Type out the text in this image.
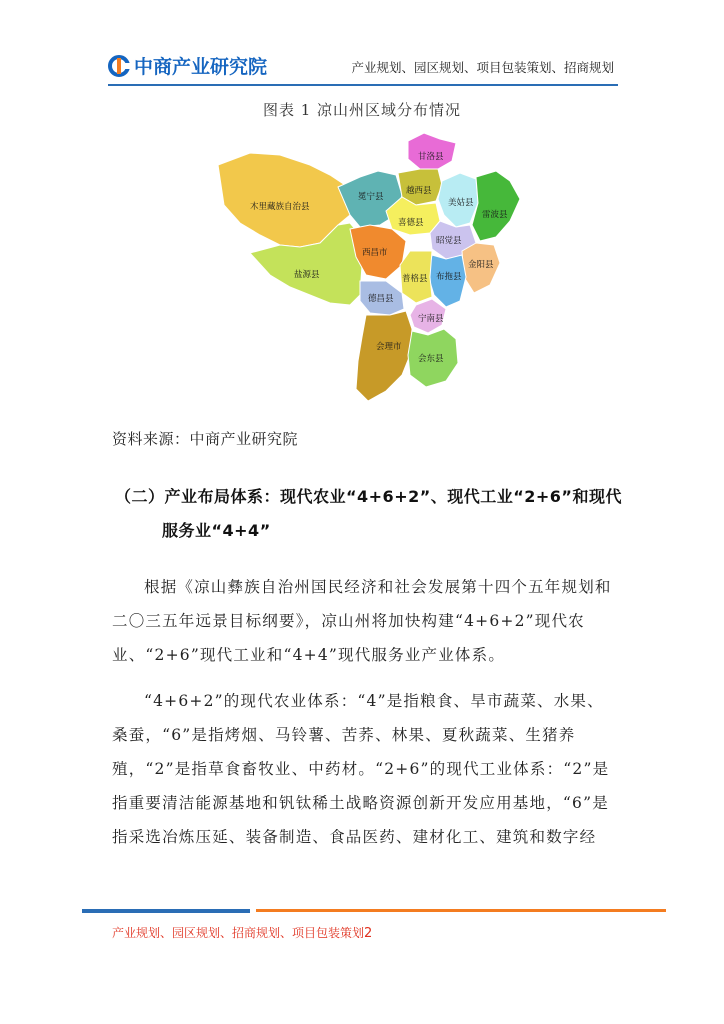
中商产业研究院	产业规划、园区规划、项目包装策划、招商规划
图表 1 凉山州区域分布情况
木里藏族自治县
盐源县
冕宁县
甘洛县
越西县
美姑县
雷波县
喜德县
昭觉县
西昌市
金阳县
布拖县
普格县
德昌县
宁南县
会理市
会东县
资料来源：中商产业研究院
（二）产业布局体系：现代农业“4+6+2”、现代工业“2+6”和现代
服务业“4+4”

根据《凉山彝族自治州国民经济和社会发展第十四个五年规划和二〇三五年远景目标纲要》，凉山州将加快构建“4+6+2”现代农业、“2+6”现代工业和“4+4”现代服务业产业体系。

“4+6+2”的现代农业体系：“4”是指粮食、旱市蔬菜、水果、桑蚕，“6”是指烤烟、马铃薯、苦荞、林果、夏秋蔬菜、生猪养殖，“2”是指草食畜牧业、中药材。“2+6”的现代工业体系：“2”是指重要清洁能源基地和钒钛稀土战略资源创新开发应用基地，“6”是指采选冶炼压延、装备制造、食品医药、建材化工、建筑和数字经

产业规划、园区规划、招商规划、项目包装策划2
